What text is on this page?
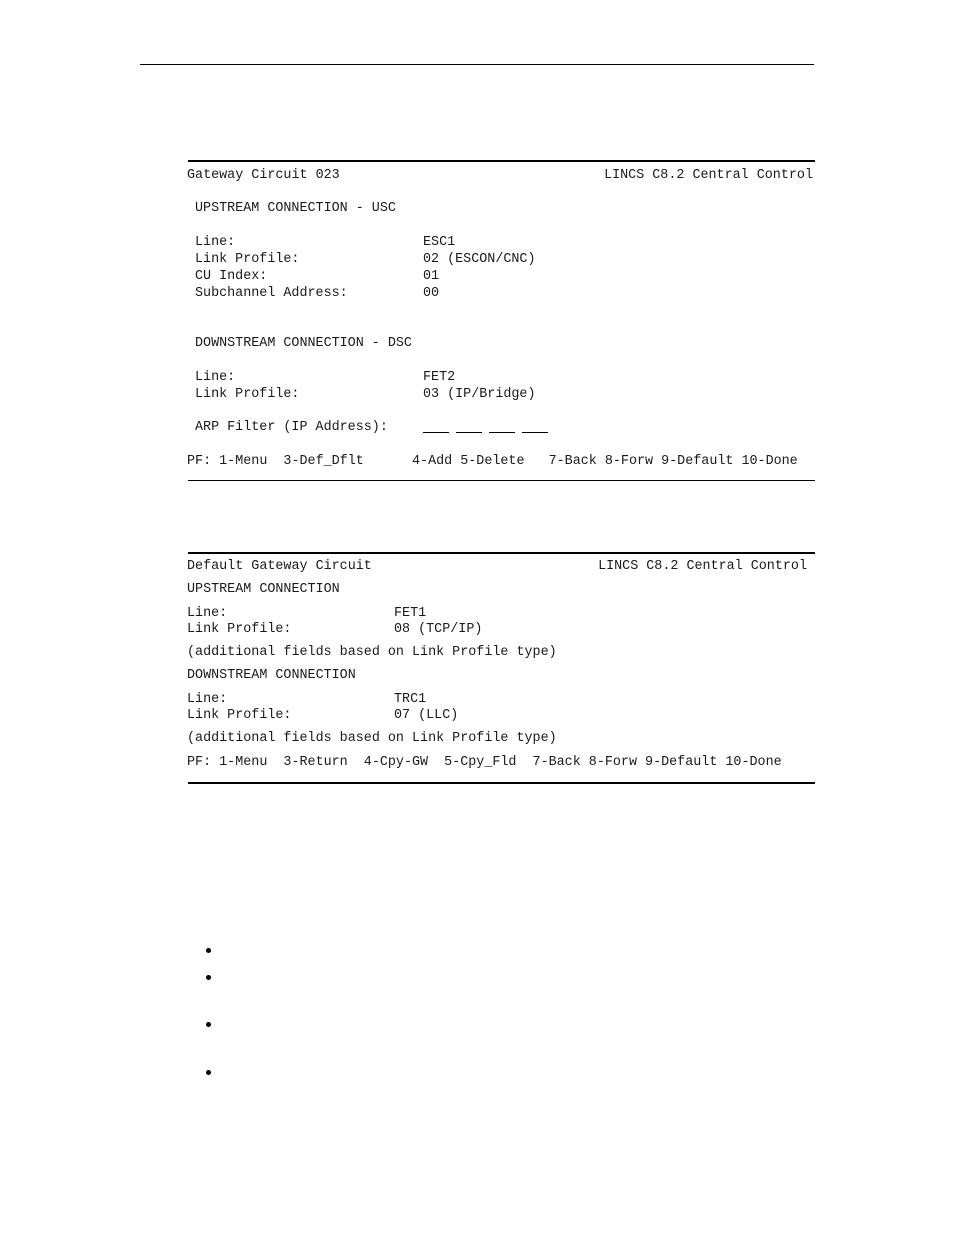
Gateway Circuit 023

	LINCS C8.2 Central Control

UPSTREAM CONNECTION - USC

Line:

	ESC1

Link Profile:

	02 (ESCON/CNC)

CU Index:

	01

Subchannel Address:

	00

DOWNSTREAM CONNECTION - DSC

Line:

	FET2

Link Profile:

	03 (IP/Bridge)

ARP Filter (IP Address):

PF: 1-Menu  3-Def_Dflt      4-Add 5-Delete   7-Back 8-Forw 9-Default 10-Done

Default Gateway Circuit

	LINCS C8.2 Central Control

UPSTREAM CONNECTION

Line:

	FET1

Link Profile:

	08 (TCP/IP)

(additional fields based on Link Profile type)

DOWNSTREAM CONNECTION

Line:

	TRC1

Link Profile:

	07 (LLC)

(additional fields based on Link Profile type)

PF: 1-Menu  3-Return  4-Cpy-GW  5-Cpy_Fld  7-Back 8-Forw 9-Default 10-Done
